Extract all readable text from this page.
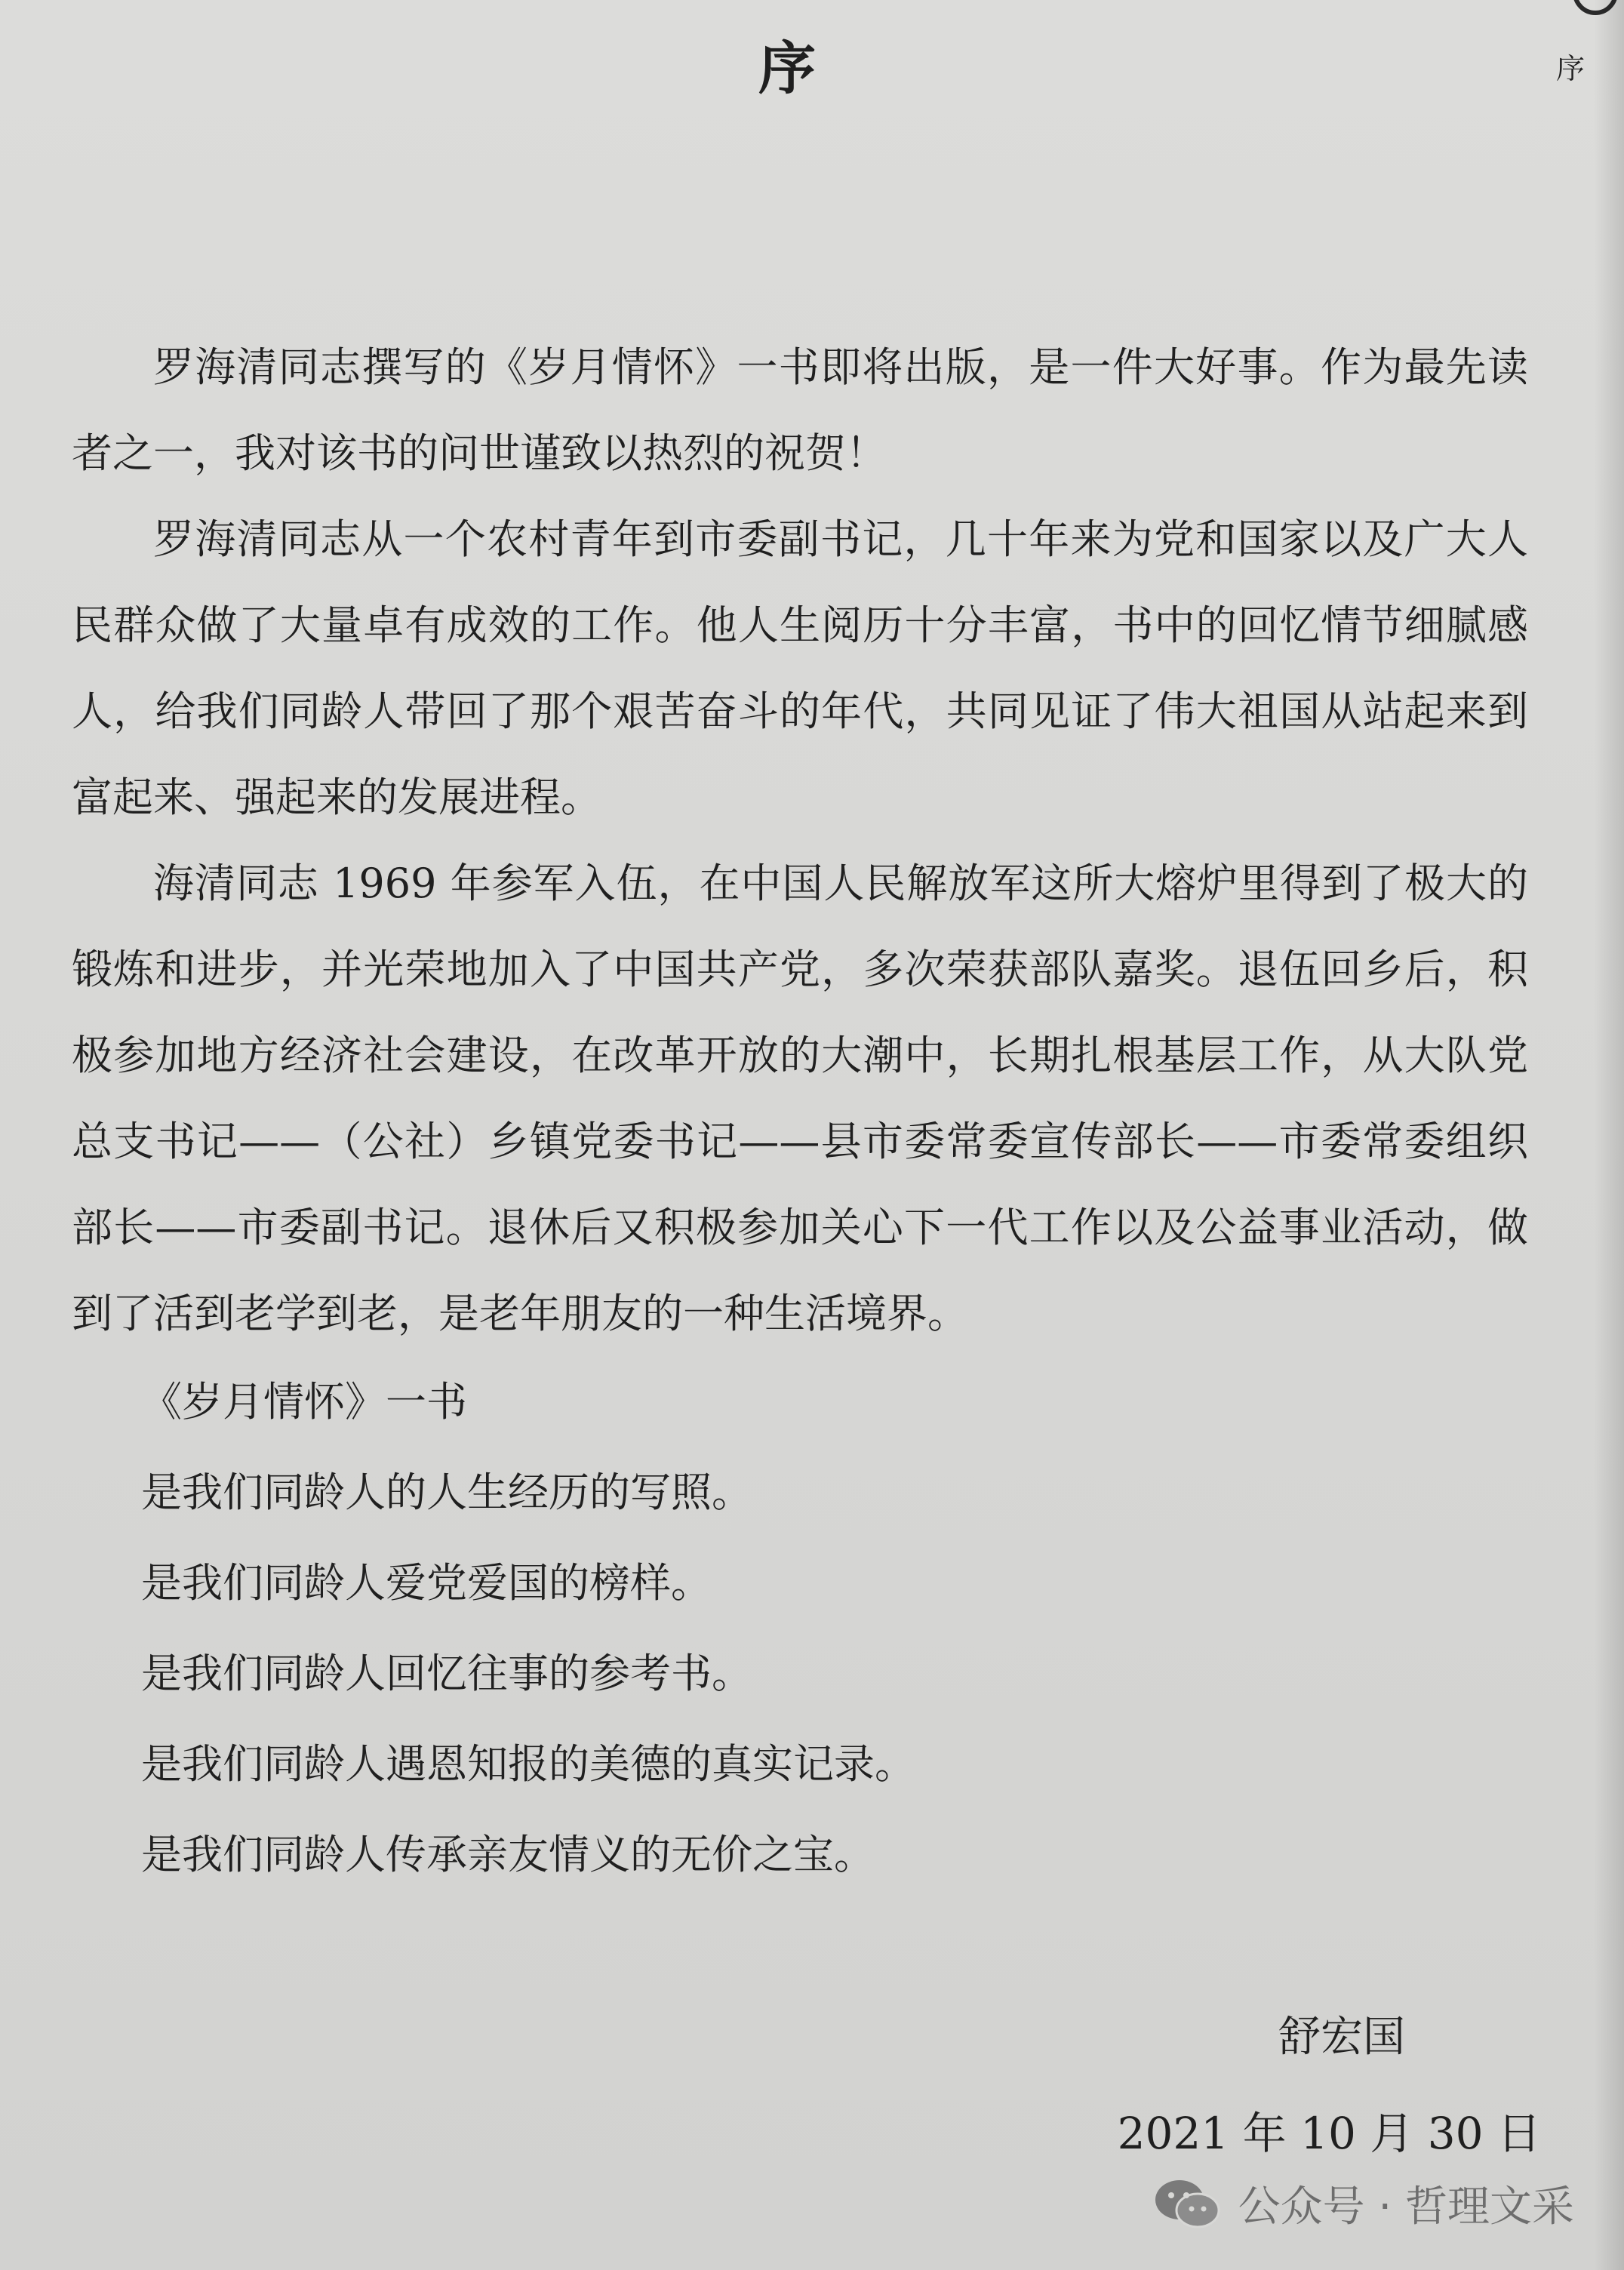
序	序

罗海清同志撰写的《岁月情怀》一书即将出版，是一件大好事。作为最先读者之一，我对该书的问世谨致以热烈的祝贺！

罗海清同志从一个农村青年到市委副书记，几十年来为党和国家以及广大人民群众做了大量卓有成效的工作。他人生阅历十分丰富，书中的回忆情节细腻感人，给我们同龄人带回了那个艰苦奋斗的年代，共同见证了伟大祖国从站起来到富起来、强起来的发展进程。

海清同志 1969 年参军入伍，在中国人民解放军这所大熔炉里得到了极大的锻炼和进步，并光荣地加入了中国共产党，多次荣获部队嘉奖。退伍回乡后，积极参加地方经济社会建设，在改革开放的大潮中，长期扎根基层工作，从大队党总支书记——（公社）乡镇党委书记——县市委常委宣传部长——市委常委组织部长——市委副书记。退休后又积极参加关心下一代工作以及公益事业活动，做到了活到老学到老，是老年朋友的一种生活境界。

《岁月情怀》一书

是我们同龄人的人生经历的写照。

是我们同龄人爱党爱国的榜样。

是我们同龄人回忆往事的参考书。

是我们同龄人遇恩知报的美德的真实记录。

是我们同龄人传承亲友情义的无价之宝。

舒宏国
2021 年 10 月 30 日
公众号 · 哲理文采
